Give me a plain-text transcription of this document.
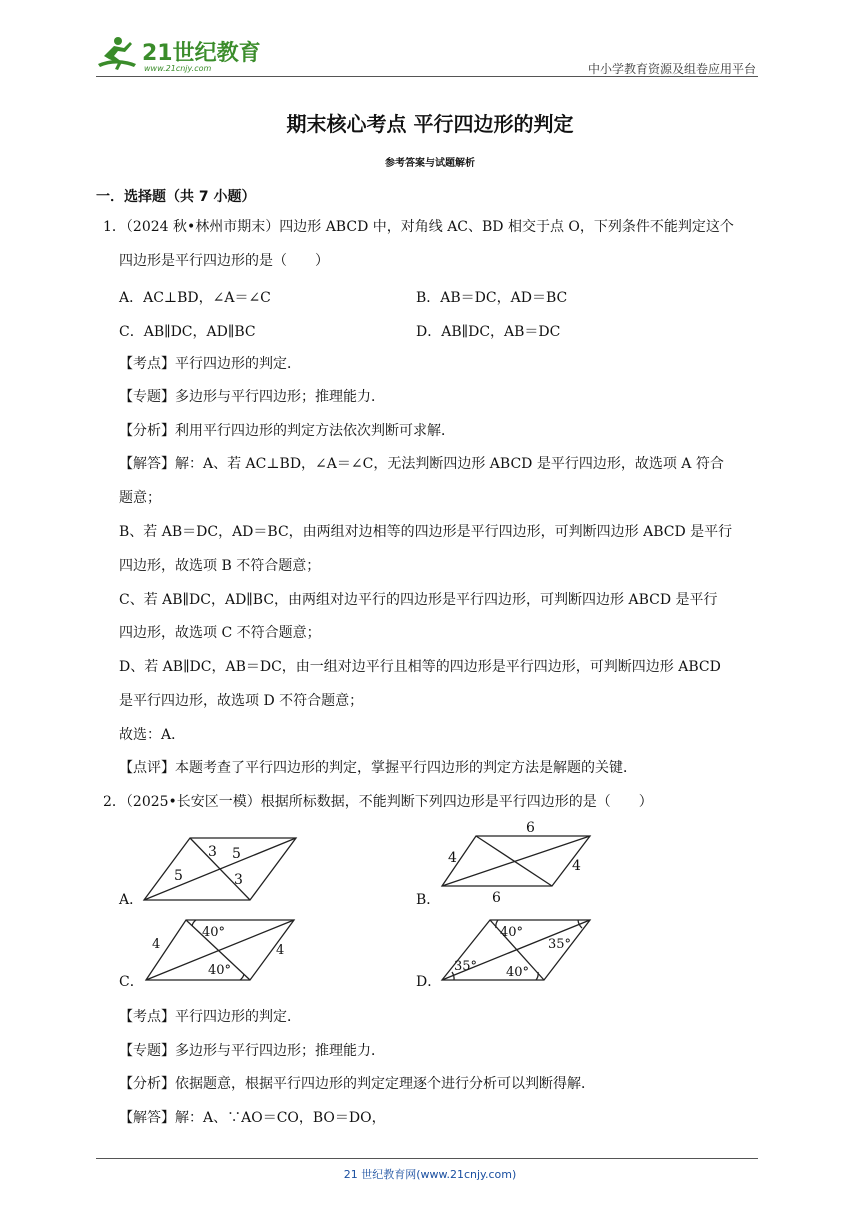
21世纪教育
www.21cnjy.com	中小学教育资源及组卷应用平台
期末核心考点 平行四边形的判定
参考答案与试题解析
一．选择题（共 7 小题）
1．（2024 秋•林州市期末）四边形 ABCD 中，对角线 AC、BD 相交于点 O，下列条件不能判定这个
四边形是平行四边形的是（　　）
A．AC⊥BD，∠A＝∠C	B．AB＝DC，AD＝BC
C．AB∥DC，AD∥BC	D．AB∥DC，AB＝DC
【考点】平行四边形的判定．
【专题】多边形与平行四边形；推理能力．
【分析】利用平行四边形的判定方法依次判断可求解．
【解答】解：A、若 AC⊥BD，∠A＝∠C，无法判断四边形 ABCD 是平行四边形，故选项 A 符合
题意；
B、若 AB＝DC，AD＝BC，由两组对边相等的四边形是平行四边形，可判断四边形 ABCD 是平行
四边形，故选项 B 不符合题意；
C、若 AB∥DC，AD∥BC，由两组对边平行的四边形是平行四边形，可判断四边形 ABCD 是平行
四边形，故选项 C 不符合题意；
D、若 AB∥DC，AB＝DC，由一组对边平行且相等的四边形是平行四边形，可判断四边形 ABCD
是平行四边形，故选项 D 不符合题意；
故选：A．
【点评】本题考查了平行四边形的判定，掌握平行四边形的判定方法是解题的关键．
2．（2025•长安区一模）根据所标数据，不能判断下列四边形是平行四边形的是（　　）
A．
3 5
5	3
B．
6
4	4
6
C．
4
40°
4
40°
D．
40°
35°
35° 40°
【考点】平行四边形的判定．
【专题】多边形与平行四边形；推理能力．
【分析】依据题意，根据平行四边形的判定定理逐个进行分析可以判断得解．
【解答】解：A、∵AO＝CO，BO＝DO，
21 世纪教育网(www.21cnjy.com)
